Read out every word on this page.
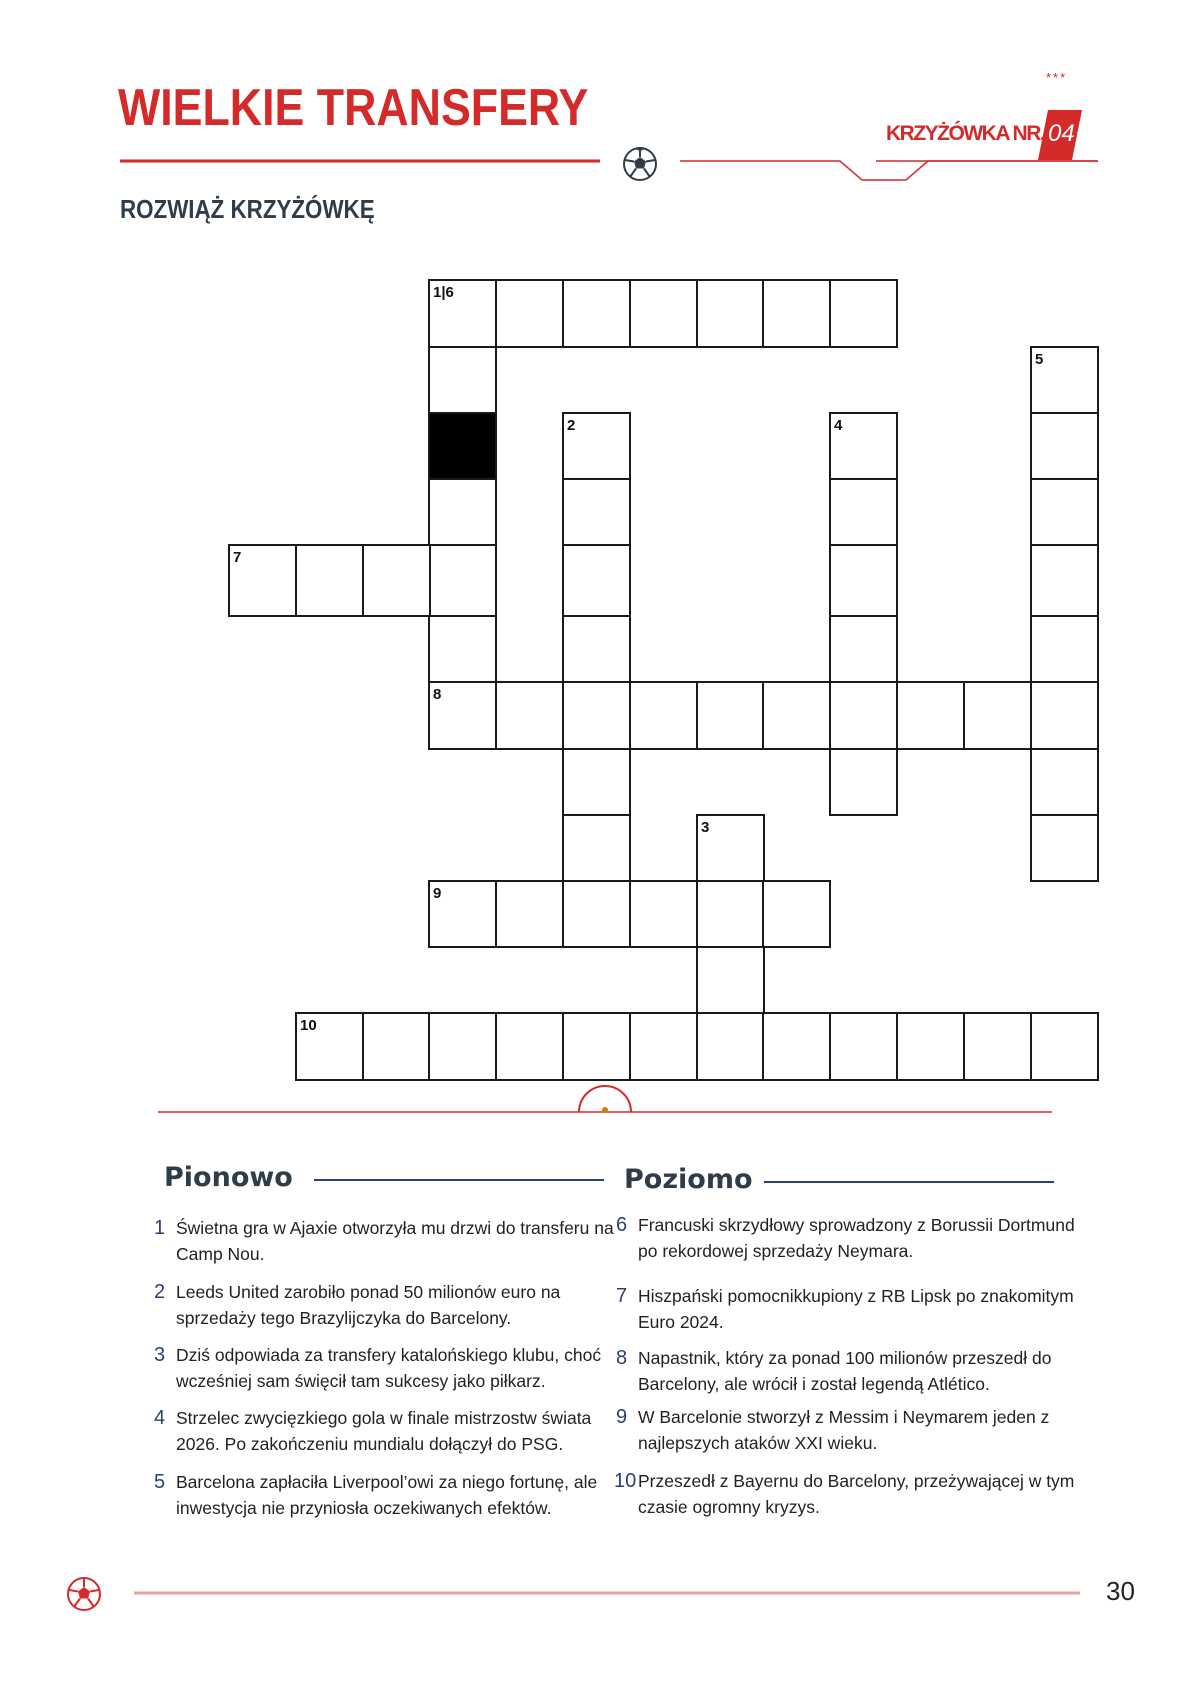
WIELKIE TRANSFERY
***
KRZYŻÓWKA NR. 04
ROZWIĄŻ KRZYŻÓWKĘ
1|6
7
2	4
5
8
3
9
10
Pionowo	Poziomo
1 Świetna gra w Ajaxie otworzyła mu drzwi do transferu na Camp Nou.
2 Leeds United zarobiło ponad 50 milionów euro na sprzedaży tego Brazylijczyka do Barcelony.
3 Dziś odpowiada za transfery katalońskiego klubu, choć wcześniej sam święcił tam sukcesy jako piłkarz.
4 Strzelec zwycięzkiego gola w finale mistrzostw świata 2026. Po zakończeniu mundialu dołączył do PSG.
5 Barcelona zapłaciła Liverpool’owi za niego fortunę, ale inwestycja nie przyniosła oczekiwanych efektów.
6 Francuski skrzydłowy sprowadzony z Borussii Dortmund po rekordowej sprzedaży Neymara.
7 Hiszpański pomocnikkupiony z RB Lipsk po znakomitym Euro 2024.
8 Napastnik, który za ponad 100 milionów przeszedł do Barcelony, ale wrócił i został legendą Atlético.
9 W Barcelonie stworzył z Messim i Neymarem jeden z najlepszych ataków XXI wieku.
10 Przeszedł z Bayernu do Barcelony, przeżywającej w tym czasie ogromny kryzys.
30
